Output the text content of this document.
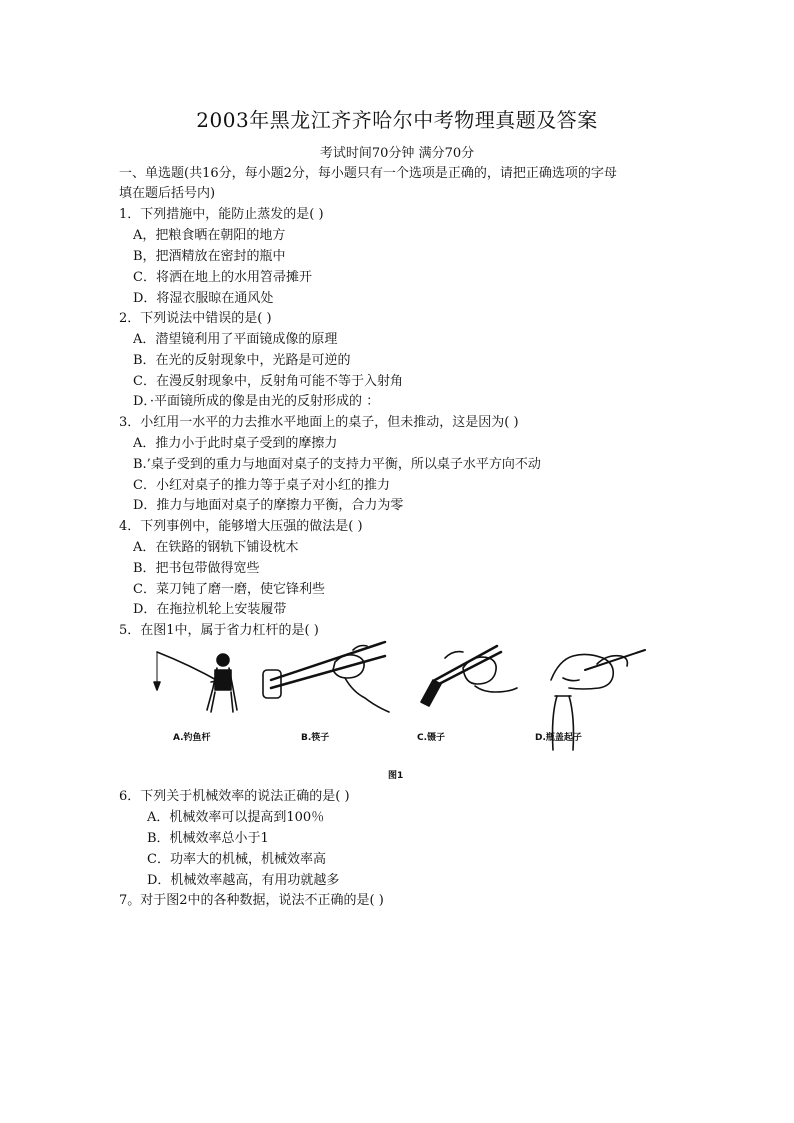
2003年黑龙江齐齐哈尔中考物理真题及答案
考试时间70分钟 满分70分
一、单选题(共16分，每小题2分，每小题只有一个选项是正确的，请把正确选项的字母
填在题后括号内)
1．下列措施中，能防止蒸发的是( )
A，把粮食晒在朝阳的地方
B，把酒精放在密封的瓶中
C．将洒在地上的水用笤帚摊开
D．将湿衣服晾在通风处
2．下列说法中错误的是( )
A．潜望镜利用了平面镜成像的原理
B．在光的反射现象中，光路是可逆的
C．在漫反射现象中，反射角可能不等于入射角
D．·平面镜所成的像是由光的反射形成的 ：
3．小红用一水平的力去推水平地面上的桌子，但未推动，这是因为( )
A．推力小于此时桌子受到的摩擦力
B.’桌子受到的重力与地面对桌子的支持力平衡，所以桌子水平方向不动
C．小红对桌子的推力等于桌子对小红的推力
D．推力与地面对桌子的摩擦力平衡，合力为零
4．下列事例中，能够增大压强的做法是( )
A．在铁路的钢轨下铺设枕木
B．把书包带做得宽些
C．菜刀钝了磨一磨，使它锋利些
D．在拖拉机轮上安装履带
5．在图1中，属于省力杠杆的是( )
A.钓鱼杆	B.筷子	C.镊子	D.瓶盖起子
图1
6．下列关于机械效率的说法正确的是( )
A．机械效率可以提高到100％
B．机械效率总小于1
C．功率大的机械，机械效率高
D．机械效率越高，有用功就越多
7。对于图2中的各种数据，说法不正确的是( )
